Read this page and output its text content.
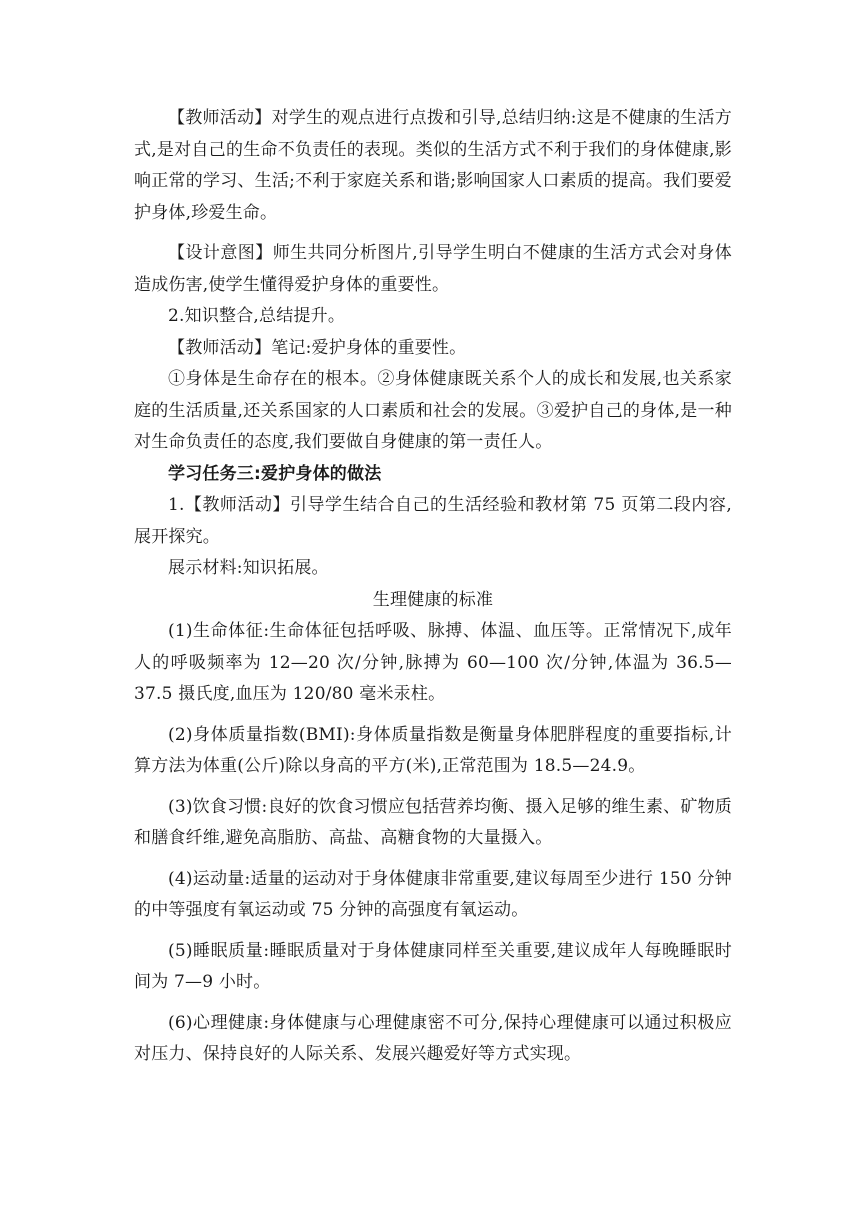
【教师活动】对学生的观点进行点拨和引导,总结归纳:这是不健康的生活方式,是对自己的生命不负责任的表现。类似的生活方式不利于我们的身体健康,影响正常的学习、生活;不利于家庭关系和谐;影响国家人口素质的提高。我们要爱护身体,珍爱生命。

【设计意图】师生共同分析图片,引导学生明白不健康的生活方式会对身体造成伤害,使学生懂得爱护身体的重要性。

2.知识整合,总结提升。

【教师活动】笔记:爱护身体的重要性。

①身体是生命存在的根本。②身体健康既关系个人的成长和发展,也关系家庭的生活质量,还关系国家的人口素质和社会的发展。③爱护自己的身体,是一种对生命负责任的态度,我们要做自身健康的第一责任人。

学习任务三:爱护身体的做法

1.【教师活动】引导学生结合自己的生活经验和教材第 75 页第二段内容,展开探究。

展示材料:知识拓展。

生理健康的标准

(1)生命体征:生命体征包括呼吸、脉搏、体温、血压等。正常情况下,成年人的呼吸频率为 12—20 次/分钟,脉搏为 60—100 次/分钟,体温为 36.5—37.5 摄氏度,血压为 120/80 毫米汞柱。

(2)身体质量指数(BMI):身体质量指数是衡量身体肥胖程度的重要指标,计算方法为体重(公斤)除以身高的平方(米),正常范围为 18.5—24.9。

(3)饮食习惯:良好的饮食习惯应包括营养均衡、摄入足够的维生素、矿物质和膳食纤维,避免高脂肪、高盐、高糖食物的大量摄入。

(4)运动量:适量的运动对于身体健康非常重要,建议每周至少进行 150 分钟的中等强度有氧运动或 75 分钟的高强度有氧运动。

(5)睡眠质量:睡眠质量对于身体健康同样至关重要,建议成年人每晚睡眠时间为 7—9 小时。

(6)心理健康:身体健康与心理健康密不可分,保持心理健康可以通过积极应对压力、保持良好的人际关系、发展兴趣爱好等方式实现。
